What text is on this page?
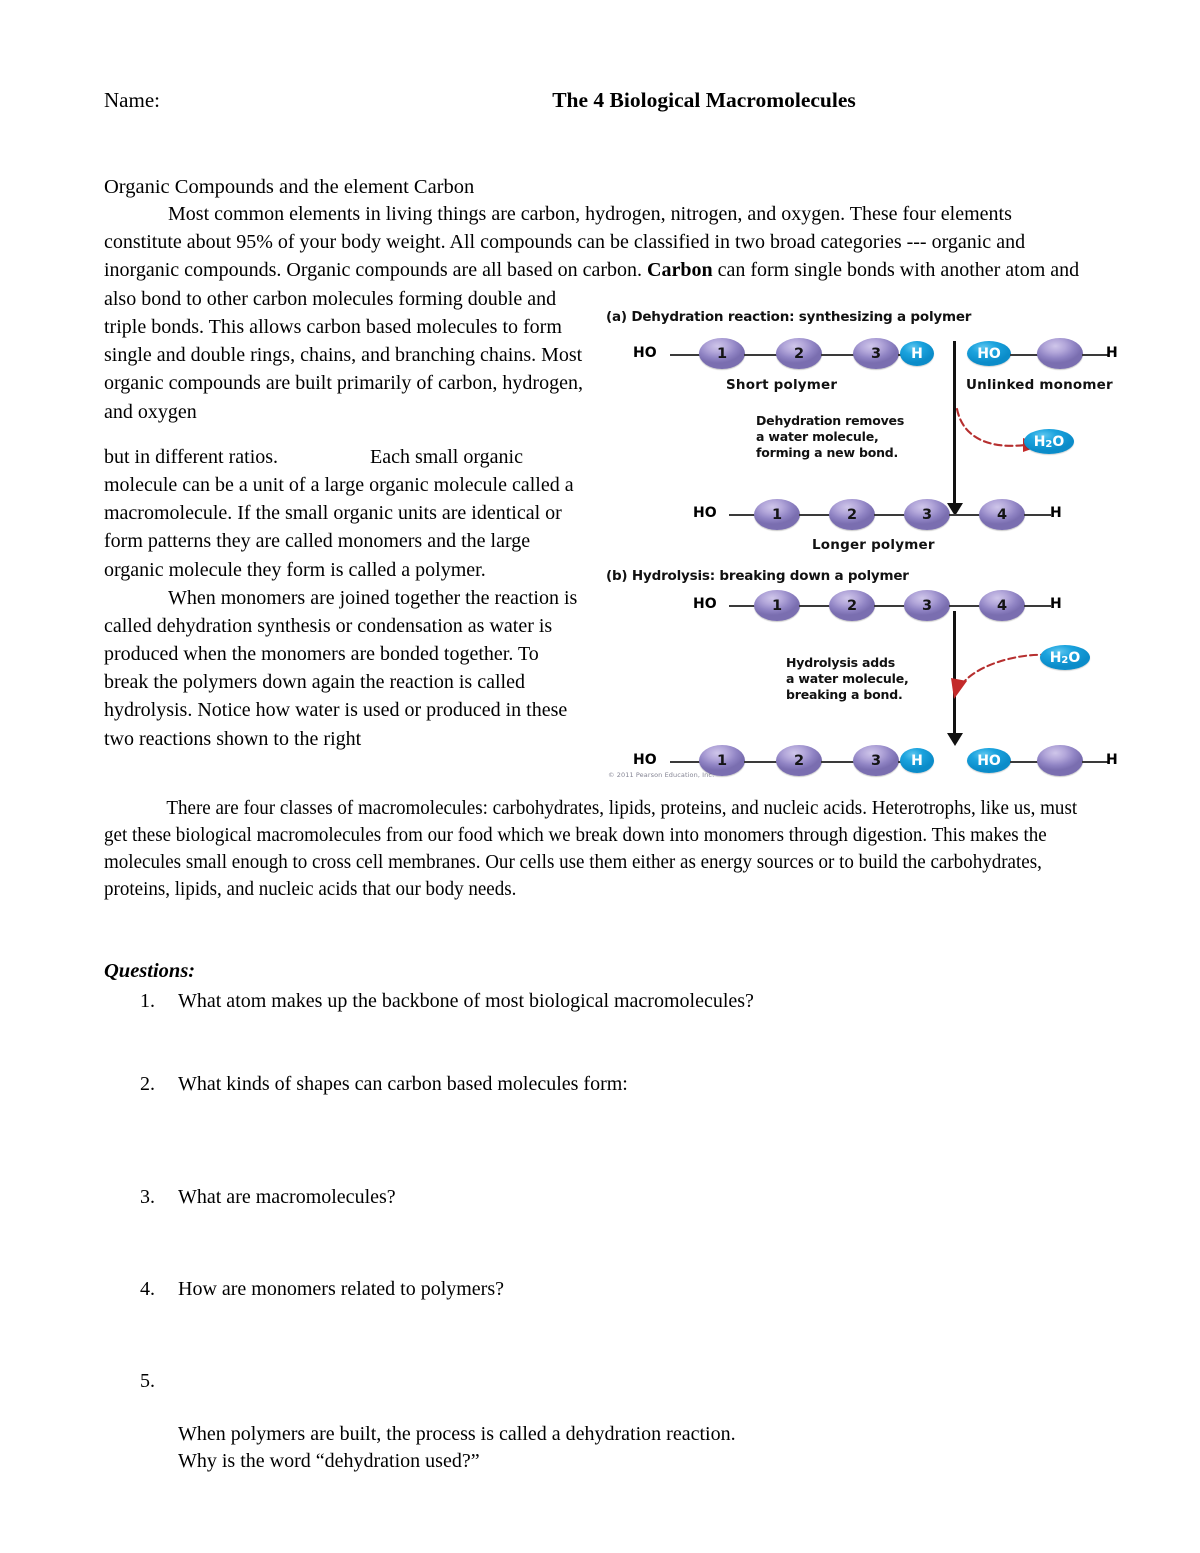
Name:	The 4 Biological Macromolecules
Organic Compounds and the element Carbon

Most common elements in living things are carbon, hydrogen, nitrogen, and oxygen. These four elements constitute about 95% of your body weight. All compounds can be classified in two broad categories --- organic and inorganic compounds. Organic compounds are all based on carbon. Carbon can form single bonds with another atom and also bond to other carbon molecules forming double and

triple bonds. This allows carbon based molecules to form single and double rings, chains, and branching chains. Most organic compounds are built primarily of carbon, hydrogen, and oxygen

but in different ratios.	Each small organic molecule can be a unit of a large organic molecule called a macromolecule. If the small organic units are identical or form patterns they are called monomers and the large organic molecule they form is called a polymer.

When monomers are joined together the reaction is called dehydration synthesis or condensation as water is produced when the monomers are bonded together. To break the polymers down again the reaction is called hydrolysis. Notice how water is used or produced in these two reactions shown to the right

There are four classes of macromolecules: carbohydrates, lipids, proteins, and nucleic acids. Heterotrophs, like us, must get these biological macromolecules from our food which we break down into monomers through digestion. This makes the molecules small enough to cross cell membranes. Our cells use them either as energy sources or to build the carbohydrates, proteins, lipids, and nucleic acids that our body needs.

Questions:
1.	What atom makes up the backbone of most biological macromolecules?
2.	What kinds of shapes can carbon based molecules form:
3.	What are macromolecules?
4.	How are monomers related to polymers?

5.

When polymers are built, the process is called a dehydration reaction.
Why is the word “dehydration used?”

(a) Dehydration reaction: synthesizing a polymer
HO	1	2	3	H
Short polymer
HO	H
Unlinked monomer
Dehydration removes
a water molecule,
forming a new bond.
$H_2$ O
HO	1	2	3	4	H
Longer polymer
(b) Hydrolysis: breaking down a polymer
HO	1	2	3	4	H
Hydrolysis adds
a water molecule,
breaking a bond.
$H_2$ O
HO	1	2	3	H	HO	H
© 2011 Pearson Education, Inc.
